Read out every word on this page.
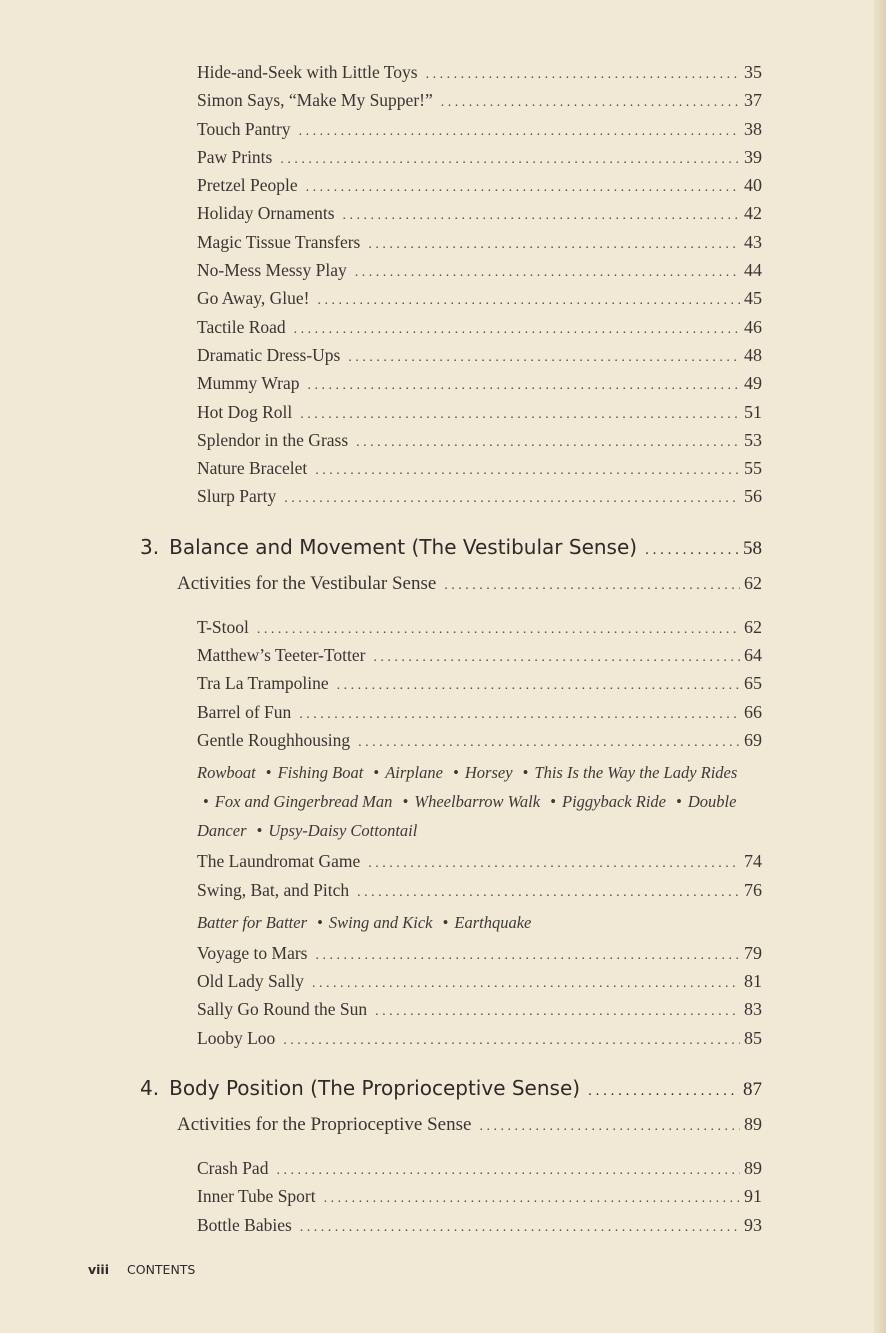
Hide-and-Seek with Little Toys . . .	35
Simon Says, “Make My Supper!” . . .	37
Touch Pantry . . .	38
Paw Prints . . .	39
Pretzel People . . .	40
Holiday Ornaments . . .	42
Magic Tissue Transfers . . .	43
No-Mess Messy Play . . .	44
Go Away, Glue! . . .	45
Tactile Road . . .	46
Dramatic Dress-Ups . . .	48
Mummy Wrap . . .	49
Hot Dog Roll . . .	51
Splendor in the Grass . . .	53
Nature Bracelet . . .	55
Slurp Party . . .	56
3. Balance and Movement (The Vestibular Sense) . . .	58
Activities for the Vestibular Sense . . .	62
T-Stool . . .	62
Matthew’s Teeter-Totter . . .	64
Tra La Trampoline . . .	65
Barrel of Fun . . .	66
Gentle Roughhousing . . .	69
Rowboat • Fishing Boat • Airplane • Horsey • This Is the Way the Lady Rides • Fox and Gingerbread Man • Wheelbarrow Walk • Piggyback Ride • Double Dancer • Upsy-Daisy Cottontail
The Laundromat Game . . .	74
Swing, Bat, and Pitch . . .	76
Batter for Batter • Swing and Kick • Earthquake
Voyage to Mars . . .	79
Old Lady Sally . . .	81
Sally Go Round the Sun . . .	83
Looby Loo . . .	85
4. Body Position (The Proprioceptive Sense) . . .	87
Activities for the Proprioceptive Sense . . .	89
Crash Pad . . .	89
Inner Tube Sport . . .	91
Bottle Babies . . .	93
viii CONTENTS
